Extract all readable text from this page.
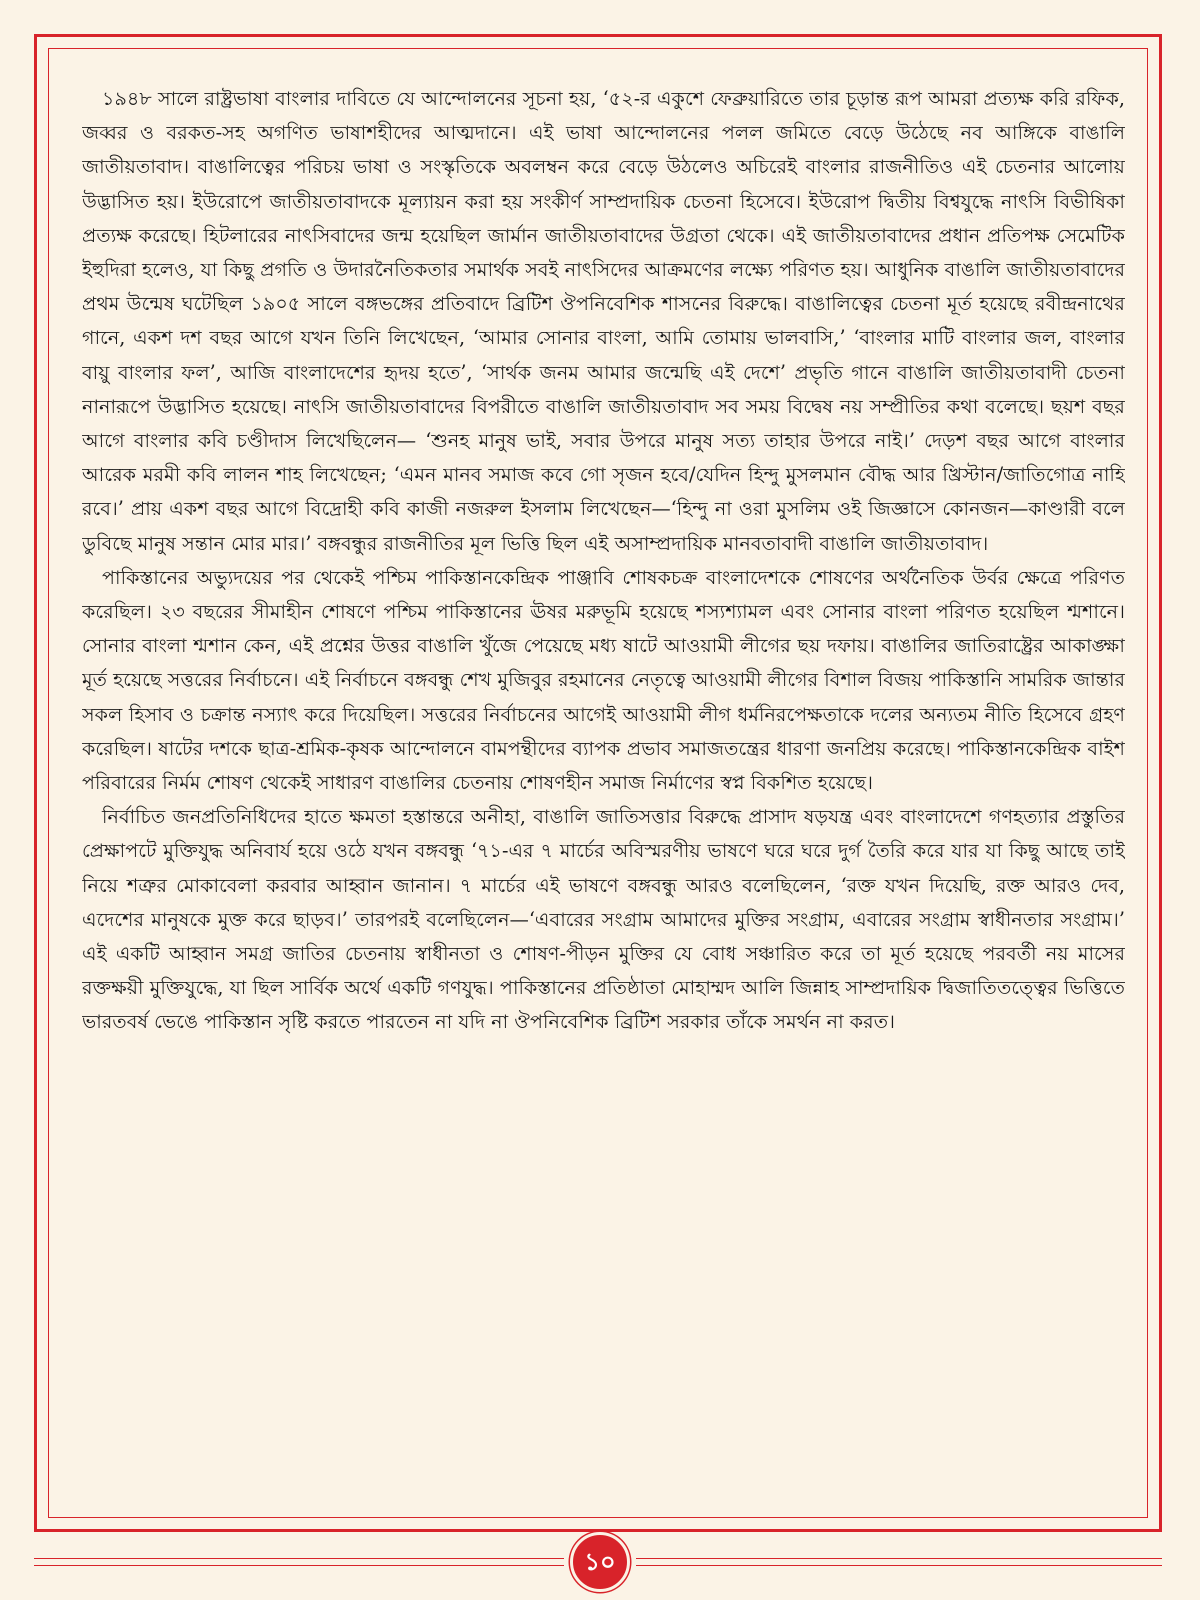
১৯৪৮ সালে রাষ্ট্রভাষা বাংলার দাবিতে যে আন্দোলনের সূচনা হয়, ‘৫২-র একুশে ফেব্রুয়ারিতে তার চূড়ান্ত রূপ আমরা প্রত্যক্ষ করি রফিক, জব্বর ও বরকত-সহ অগণিত ভাষাশহীদের আত্মদানে। এই ভাষা আন্দোলনের পলল জমিতে বেড়ে উঠেছে নব আঙ্গিকে বাঙালি জাতীয়তাবাদ। বাঙালিত্বের পরিচয় ভাষা ও সংস্কৃতিকে অবলম্বন করে বেড়ে উঠলেও অচিরেই বাংলার রাজনীতিও এই চেতনার আলোয় উদ্ভাসিত হয়। ইউরোপে জাতীয়তাবাদকে মূল্যায়ন করা হয় সংকীর্ণ সাম্প্রদায়িক চেতনা হিসেবে। ইউরোপ দ্বিতীয় বিশ্বযুদ্ধে নাৎসি বিভীষিকা প্রত্যক্ষ করেছে। হিটলারের নাৎসিবাদের জন্ম হয়েছিল জার্মান জাতীয়তাবাদের উগ্রতা থেকে। এই জাতীয়তাবাদের প্রধান প্রতিপক্ষ সেমেটিক ইহুদিরা হলেও, যা কিছু প্রগতি ও উদারনৈতিকতার সমার্থক সবই নাৎসিদের আক্রমণের লক্ষ্যে পরিণত হয়। আধুনিক বাঙালি জাতীয়তাবাদের প্রথম উন্মেষ ঘটেছিল ১৯০৫ সালে বঙ্গভঙ্গের প্রতিবাদে ব্রিটিশ ঔপনিবেশিক শাসনের বিরুদ্ধে। বাঙালিত্বের চেতনা মূর্ত হয়েছে রবীন্দ্রনাথের গানে, একশ দশ বছর আগে যখন তিনি লিখেছেন, ‘আমার সোনার বাংলা, আমি তোমায় ভালবাসি,’ ‘বাংলার মাটি বাংলার জল, বাংলার বায়ু বাংলার ফল’, আজি বাংলাদেশের হৃদয় হতে’, ‘সার্থক জনম আমার জন্মেছি এই দেশে’ প্রভৃতি গানে বাঙালি জাতীয়তাবাদী চেতনা নানারূপে উদ্ভাসিত হয়েছে। নাৎসি জাতীয়তাবাদের বিপরীতে বাঙালি জাতীয়তাবাদ সব সময় বিদ্বেষ নয় সম্প্রীতির কথা বলেছে। ছয়শ বছর আগে বাংলার কবি চণ্ডীদাস লিখেছিলেন— ‘শুনহ মানুষ ভাই, সবার উপরে মানুষ সত্য তাহার উপরে নাই।’ দেড়শ বছর আগে বাংলার আরেক মরমী কবি লালন শাহ লিখেছেন; ‘এমন মানব সমাজ কবে গো সৃজন হবে/যেদিন হিন্দু মুসলমান বৌদ্ধ আর খ্রিস্টান/জাতিগোত্র নাহি রবে।’ প্রায় একশ বছর আগে বিদ্রোহী কবি কাজী নজরুল ইসলাম লিখেছেন—‘হিন্দু না ওরা মুসলিম ওই জিজ্ঞাসে কোনজন—কাণ্ডারী বলে ডুবিছে মানুষ সন্তান মোর মার।’ বঙ্গবন্ধুর রাজনীতির মূল ভিত্তি ছিল এই অসাম্প্রদায়িক মানবতাবাদী বাঙালি জাতীয়তাবাদ।

পাকিস্তানের অভ্যুদয়ের পর থেকেই পশ্চিম পাকিস্তানকেন্দ্রিক পাঞ্জাবি শোষকচক্র বাংলাদেশকে শোষণের অর্থনৈতিক উর্বর ক্ষেত্রে পরিণত করেছিল। ২৩ বছরের সীমাহীন শোষণে পশ্চিম পাকিস্তানের ঊষর মরুভূমি হয়েছে শস্যশ্যামল এবং সোনার বাংলা পরিণত হয়েছিল শ্মশানে। সোনার বাংলা শ্মশান কেন, এই প্রশ্নের উত্তর বাঙালি খুঁজে পেয়েছে মধ্য ষাটে আওয়ামী লীগের ছয় দফায়। বাঙালির জাতিরাষ্ট্রের আকাঙ্ক্ষা মূর্ত হয়েছে সত্তরের নির্বাচনে। এই নির্বাচনে বঙ্গবন্ধু শেখ মুজিবুর রহমানের নেতৃত্বে আওয়ামী লীগের বিশাল বিজয় পাকিস্তানি সামরিক জান্তার সকল হিসাব ও চক্রান্ত নস্যাৎ করে দিয়েছিল। সত্তরের নির্বাচনের আগেই আওয়ামী লীগ ধর্মনিরপেক্ষতাকে দলের অন্যতম নীতি হিসেবে গ্রহণ করেছিল। ষাটের দশকে ছাত্র-শ্রমিক-কৃষক আন্দোলনে বামপন্থীদের ব্যাপক প্রভাব সমাজতন্ত্রের ধারণা জনপ্রিয় করেছে। পাকিস্তানকেন্দ্রিক বাইশ পরিবারের নির্মম শোষণ থেকেই সাধারণ বাঙালির চেতনায় শোষণহীন সমাজ নির্মাণের স্বপ্ন বিকশিত হয়েছে।

নির্বাচিত জনপ্রতিনিধিদের হাতে ক্ষমতা হস্তান্তরে অনীহা, বাঙালি জাতিসত্তার বিরুদ্ধে প্রাসাদ ষড়যন্ত্র এবং বাংলাদেশে গণহত্যার প্রস্তুতির প্রেক্ষাপটে মুক্তিযুদ্ধ অনিবার্য হয়ে ওঠে যখন বঙ্গবন্ধু ‘৭১-এর ৭ মার্চের অবিস্মরণীয় ভাষণে ঘরে ঘরে দুর্গ তৈরি করে যার যা কিছু আছে তাই নিয়ে শত্রুর মোকাবেলা করবার আহ্বান জানান। ৭ মার্চের এই ভাষণে বঙ্গবন্ধু আরও বলেছিলেন, ‘রক্ত যখন দিয়েছি, রক্ত আরও দেব, এদেশের মানুষকে মুক্ত করে ছাড়ব।’ তারপরই বলেছিলেন—‘এবারের সংগ্রাম আমাদের মুক্তির সংগ্রাম, এবারের সংগ্রাম স্বাধীনতার সংগ্রাম।’ এই একটি আহ্বান সমগ্র জাতির চেতনায় স্বাধীনতা ও শোষণ-পীড়ন মুক্তির যে বোধ সঞ্চারিত করে তা মূর্ত হয়েছে পরবর্তী নয় মাসের রক্তক্ষয়ী মুক্তিযুদ্ধে, যা ছিল সার্বিক অর্থে একটি গণযুদ্ধ। পাকিস্তানের প্রতিষ্ঠাতা মোহাম্মদ আলি জিন্নাহ সাম্প্রদায়িক দ্বিজাতিতত্ত্বের ভিত্তিতে ভারতবর্ষ ভেঙে পাকিস্তান সৃষ্টি করতে পারতেন না যদি না ঔপনিবেশিক ব্রিটিশ সরকার তাঁকে সমর্থন না করত।

১০
